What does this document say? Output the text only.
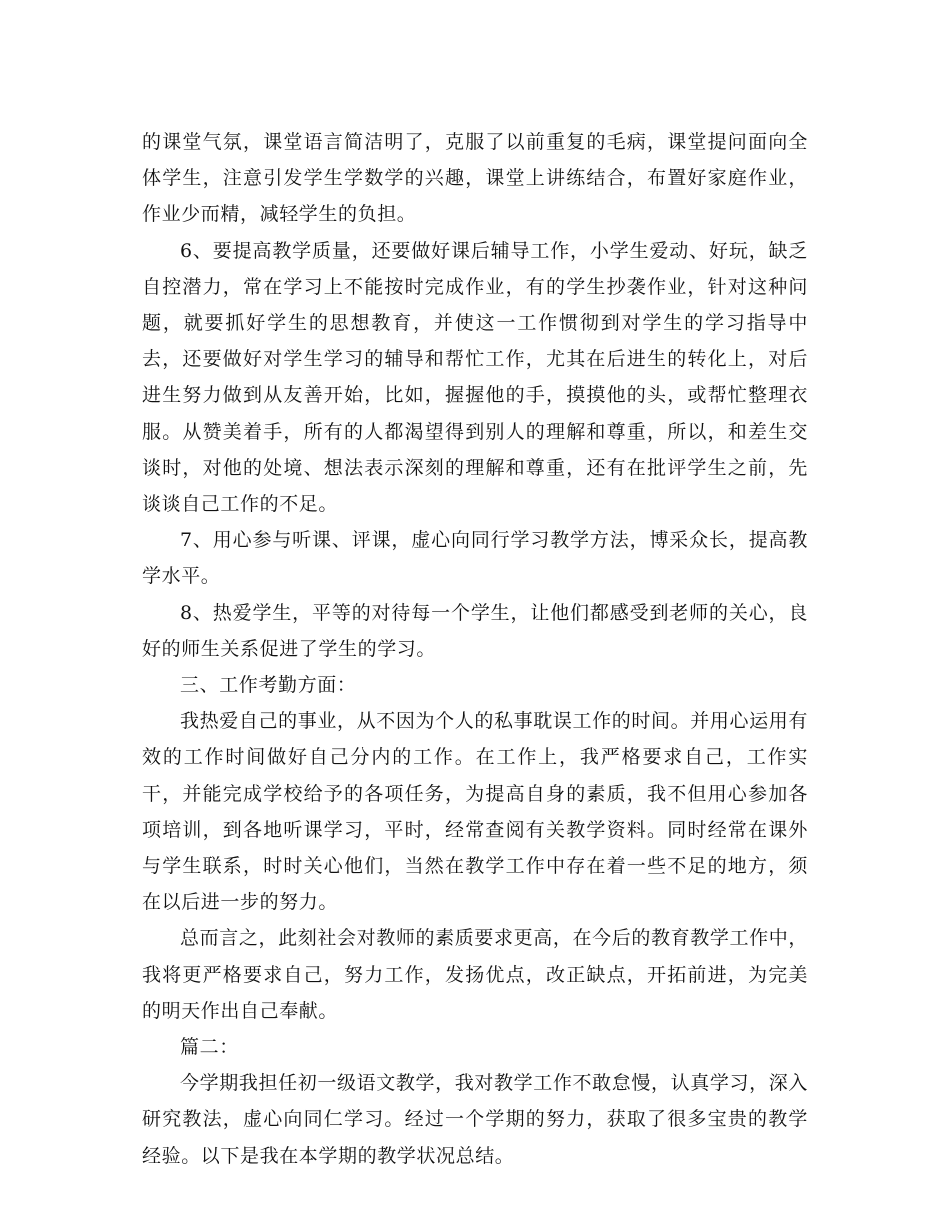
的课堂气氛，课堂语言简洁明了，克服了以前重复的毛病，课堂提问面向全体学生，注意引发学生学数学的兴趣，课堂上讲练结合，布置好家庭作业，作业少而精，减轻学生的负担。

6、要提高教学质量，还要做好课后辅导工作，小学生爱动、好玩，缺乏自控潜力，常在学习上不能按时完成作业，有的学生抄袭作业，针对这种问题，就要抓好学生的思想教育，并使这一工作惯彻到对学生的学习指导中去，还要做好对学生学习的辅导和帮忙工作，尤其在后进生的转化上，对后进生努力做到从友善开始，比如，握握他的手，摸摸他的头，或帮忙整理衣服。从赞美着手，所有的人都渴望得到别人的理解和尊重，所以，和差生交谈时，对他的处境、想法表示深刻的理解和尊重，还有在批评学生之前，先谈谈自己工作的不足。

7、用心参与听课、评课，虚心向同行学习教学方法，博采众长，提高教学水平。

8、热爱学生，平等的对待每一个学生，让他们都感受到老师的关心，良好的师生关系促进了学生的学习。

三、工作考勤方面：

我热爱自己的事业，从不因为个人的私事耽误工作的时间。并用心运用有效的工作时间做好自己分内的工作。在工作上，我严格要求自己，工作实干，并能完成学校给予的各项任务，为提高自身的素质，我不但用心参加各项培训，到各地听课学习，平时，经常查阅有关教学资料。同时经常在课外与学生联系，时时关心他们，当然在教学工作中存在着一些不足的地方，须在以后进一步的努力。

总而言之，此刻社会对教师的素质要求更高，在今后的教育教学工作中，我将更严格要求自己，努力工作，发扬优点，改正缺点，开拓前进，为完美的明天作出自己奉献。

篇二：

今学期我担任初一级语文教学，我对教学工作不敢怠慢，认真学习，深入研究教法，虚心向同仁学习。经过一个学期的努力，获取了很多宝贵的教学经验。以下是我在本学期的教学状况总结。
